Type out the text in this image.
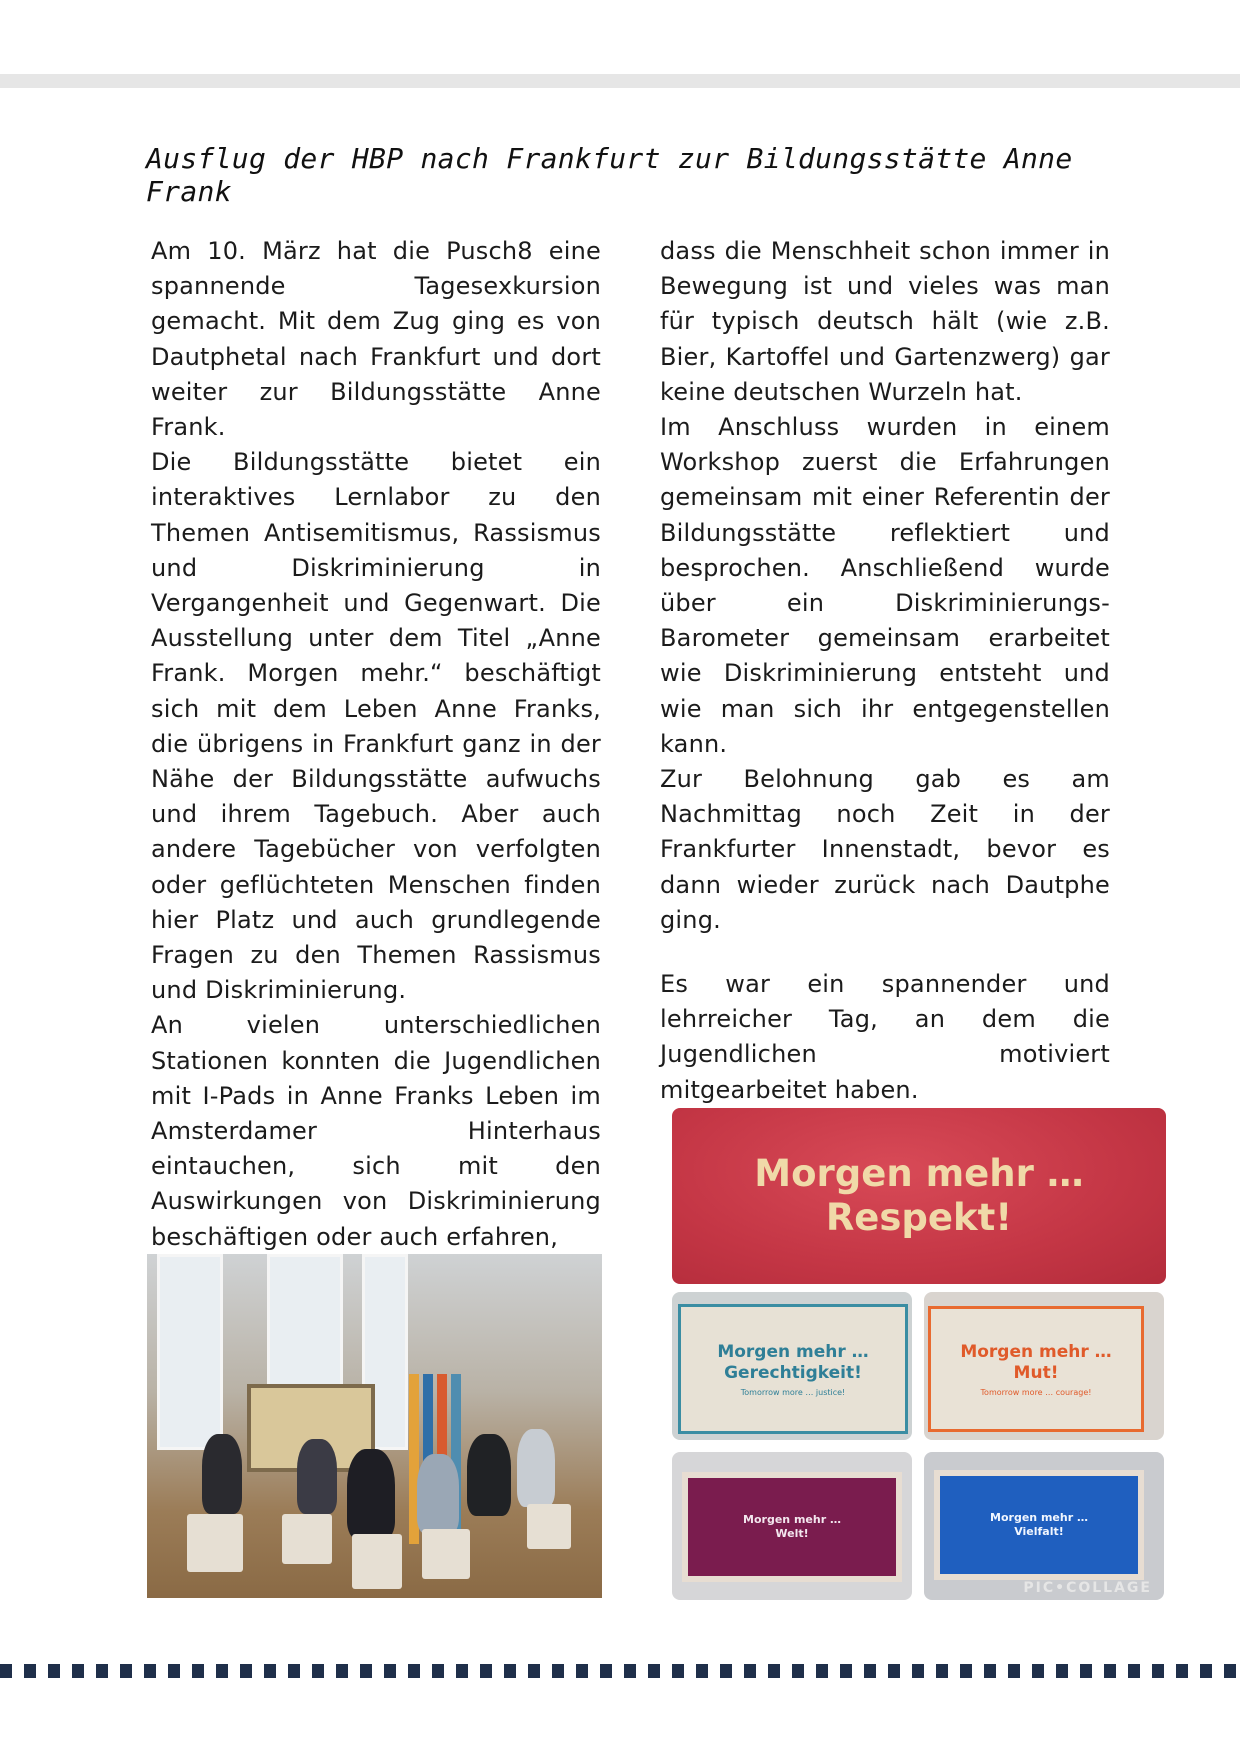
Ausflug der HBP nach Frankfurt zur Bildungsstätte Anne Frank

Am 10. März hat die Pusch8 eine spannende Tagesexkursion gemacht. Mit dem Zug ging es von Dautphetal nach Frankfurt und dort weiter zur Bildungsstätte Anne Frank.

Die Bildungsstätte bietet ein interaktives Lernlabor zu den Themen Antisemitismus, Rassismus und Diskriminierung in Vergangenheit und Gegenwart. Die Ausstellung unter dem Titel „Anne Frank. Morgen mehr.“ beschäftigt sich mit dem Leben Anne Franks, die übrigens in Frankfurt ganz in der Nähe der Bildungsstätte aufwuchs und ihrem Tagebuch. Aber auch andere Tagebücher von verfolgten oder geflüchteten Menschen finden hier Platz und auch grundlegende Fragen zu den Themen Rassismus und Diskriminierung.

An vielen unterschiedlichen Stationen konnten die Jugendlichen mit I-Pads in Anne Franks Leben im Amsterdamer Hinterhaus eintauchen, sich mit den Auswirkungen von Diskriminierung beschäftigen oder auch erfahren,

dass die Menschheit schon immer in Bewegung ist und vieles was man für typisch deutsch hält (wie z.B. Bier, Kartoffel und Gartenzwerg) gar keine deutschen Wurzeln hat.

Im Anschluss wurden in einem Workshop zuerst die Erfahrungen gemeinsam mit einer Referentin der Bildungsstätte reflektiert und besprochen. Anschließend wurde über ein Diskriminierungs-Barometer gemeinsam erarbeitet wie Diskriminierung entsteht und wie man sich ihr entgegenstellen kann.

Zur Belohnung gab es am Nachmittag noch Zeit in der Frankfurter Innenstadt, bevor es dann wieder zurück nach Dautphe ging.

Es war ein spannender und lehrreicher Tag, an dem die Jugendlichen motiviert mitgearbeitet haben.

Morgen mehr …
Respekt!
Morgen mehr …
Gerechtigkeit!
Tomorrow more … justice!
Morgen mehr …
Mut!
Tomorrow more … courage!
Morgen mehr …
Welt!
Morgen mehr …
Vielfalt!
PIC•COLLAGE
